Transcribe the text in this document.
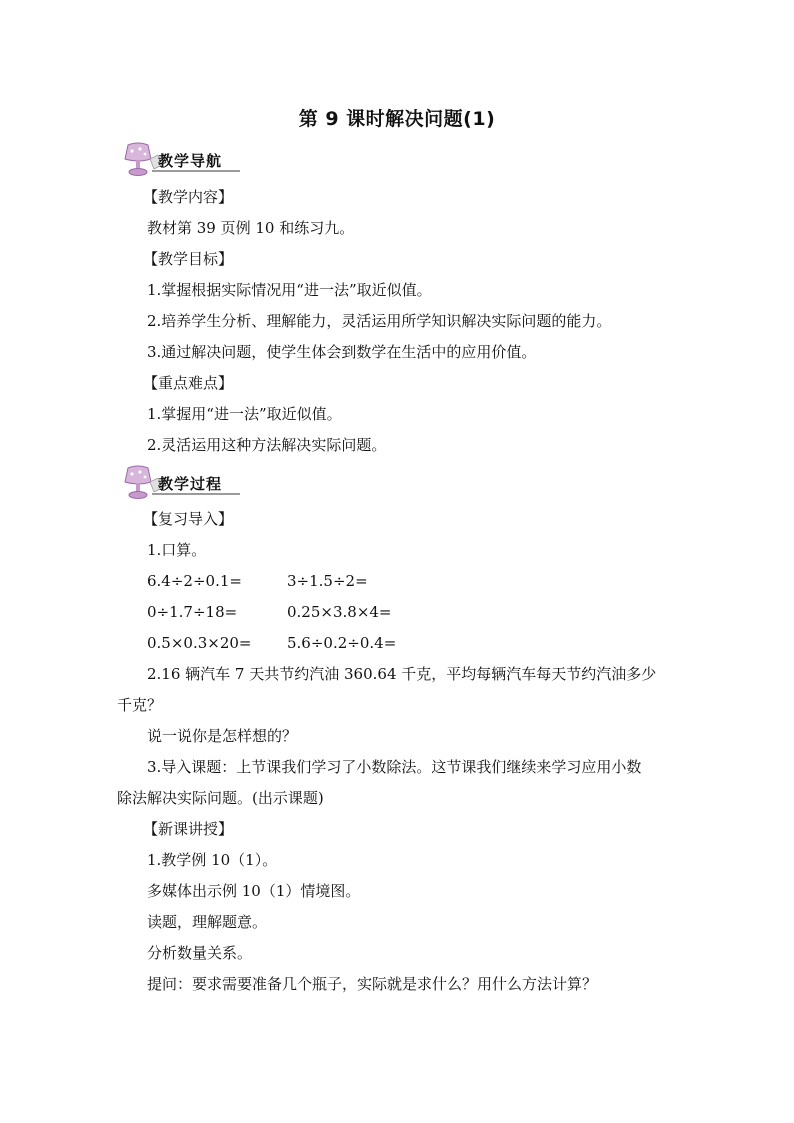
第 9 课时解决问题(1)
教学导航
【教学内容】
教材第 39 页例 10 和练习九。
【教学目标】
1.掌握根据实际情况用“进一法”取近似值。
2.培养学生分析、理解能力，灵活运用所学知识解决实际问题的能力。
3.通过解决问题，使学生体会到数学在生活中的应用价值。
【重点难点】
1.掌握用“进一法”取近似值。
2.灵活运用这种方法解决实际问题。
教学过程
【复习导入】
1.口算。
6.4÷2÷0.1=	3÷1.5÷2=
0÷1.7÷18=	0.25×3.8×4=
0.5×0.3×20= 5.6÷0.2÷0.4=
2.16 辆汽车 7 天共节约汽油 360.64 千克，平均每辆汽车每天节约汽油多少
千克？
说一说你是怎样想的？
3.导入课题：上节课我们学习了小数除法。这节课我们继续来学习应用小数
除法解决实际问题。(出示课题)
【新课讲授】
1.教学例 10（1）。
多媒体出示例 10（1）情境图。
读题，理解题意。
分析数量关系。
提问：要求需要准备几个瓶子，实际就是求什么？用什么方法计算？
